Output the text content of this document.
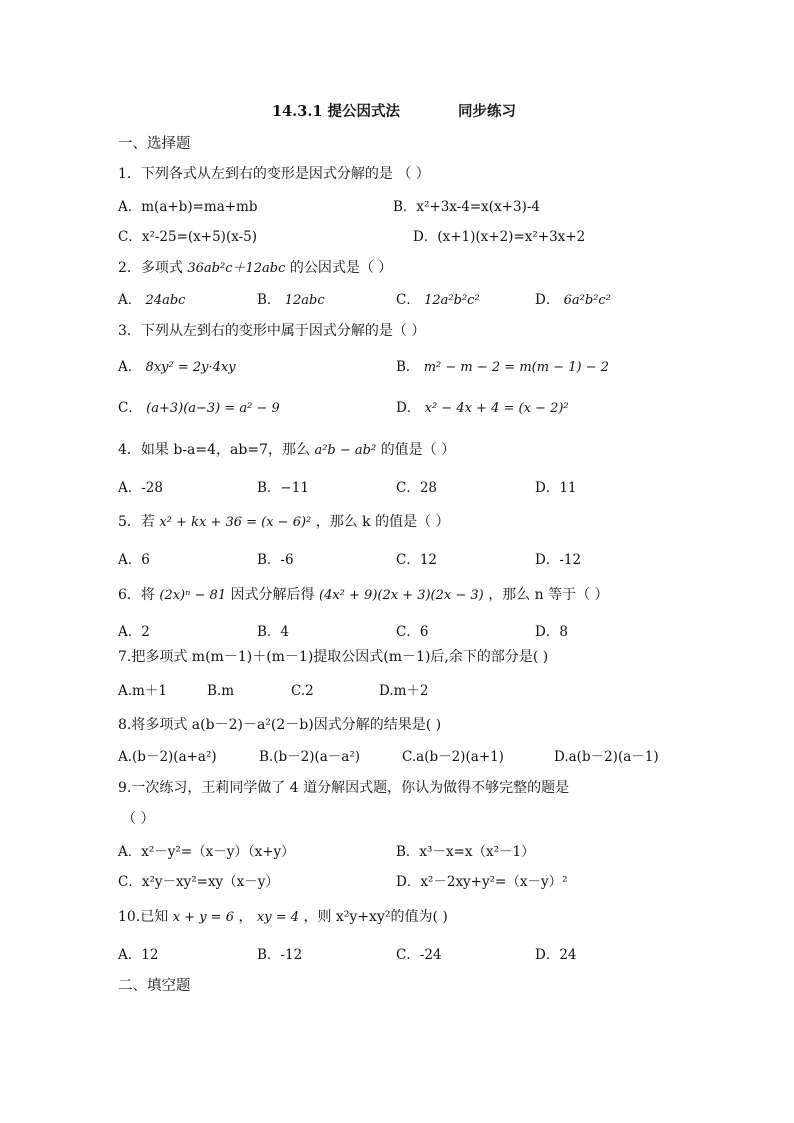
14.3.1 提公因式法	同步练习
一、选择题
1．下列各式从左到右的变形是因式分解的是 （ ）
A．m(a+b)=ma+mb	B．x²+3x-4=x(x+3)-4
C．x²-25=(x+5)(x-5)	D．(x+1)(x+2)=x²+3x+2
2．多项式 36ab²c＋12abc 的公因式是（ ）
A． 24abc	B． 12abc	C． 12a²b²c²	D． 6a²b²c²
3．下列从左到右的变形中属于因式分解的是（ ）
A． 8xy² = 2y·4xy	B． m² − m − 2 = m(m − 1) − 2
C． (a+3)(a−3) = a² − 9	D． x² − 4x + 4 = (x − 2)²
4．如果 b-a=4，ab=7，那么 a²b − ab² 的值是（ ）
A．-28	B．−11	C．28	D．11
5．若 x² + kx + 36 = (x − 6)² ，那么 k 的值是（ ）
A．6	B．-6	C．12	D．-12
6．将 (2x)ⁿ − 81 因式分解后得 (4x² + 9)(2x + 3)(2x − 3) ，那么 n 等于（ ）
A．2	B．4	C．6	D．8
7.把多项式 m(m－1)＋(m－1)提取公因式(m－1)后,余下的部分是( )
A.m＋1	B.m	C.2	D.m＋2
8.将多项式 a(b－2)－a²(2－b)因式分解的结果是( )
A.(b－2)(a+a²)	B.(b－2)(a－a²)	C.a(b－2)(a+1)	D.a(b－2)(a－1)
9.一次练习，王莉同学做了 4 道分解因式题，你认为做得不够完整的题是
（ ）
A．x²－y²=（x－y）（x+y）	B．x³－x=x（x²－1）
C．x²y－xy²=xy（x－y）	D．x²－2xy+y²=（x－y）²
10.已知 x + y = 6 ， xy = 4 ，则 x²y+xy²的值为( )
A．12	B．-12	C．-24	D．24
二、填空题
